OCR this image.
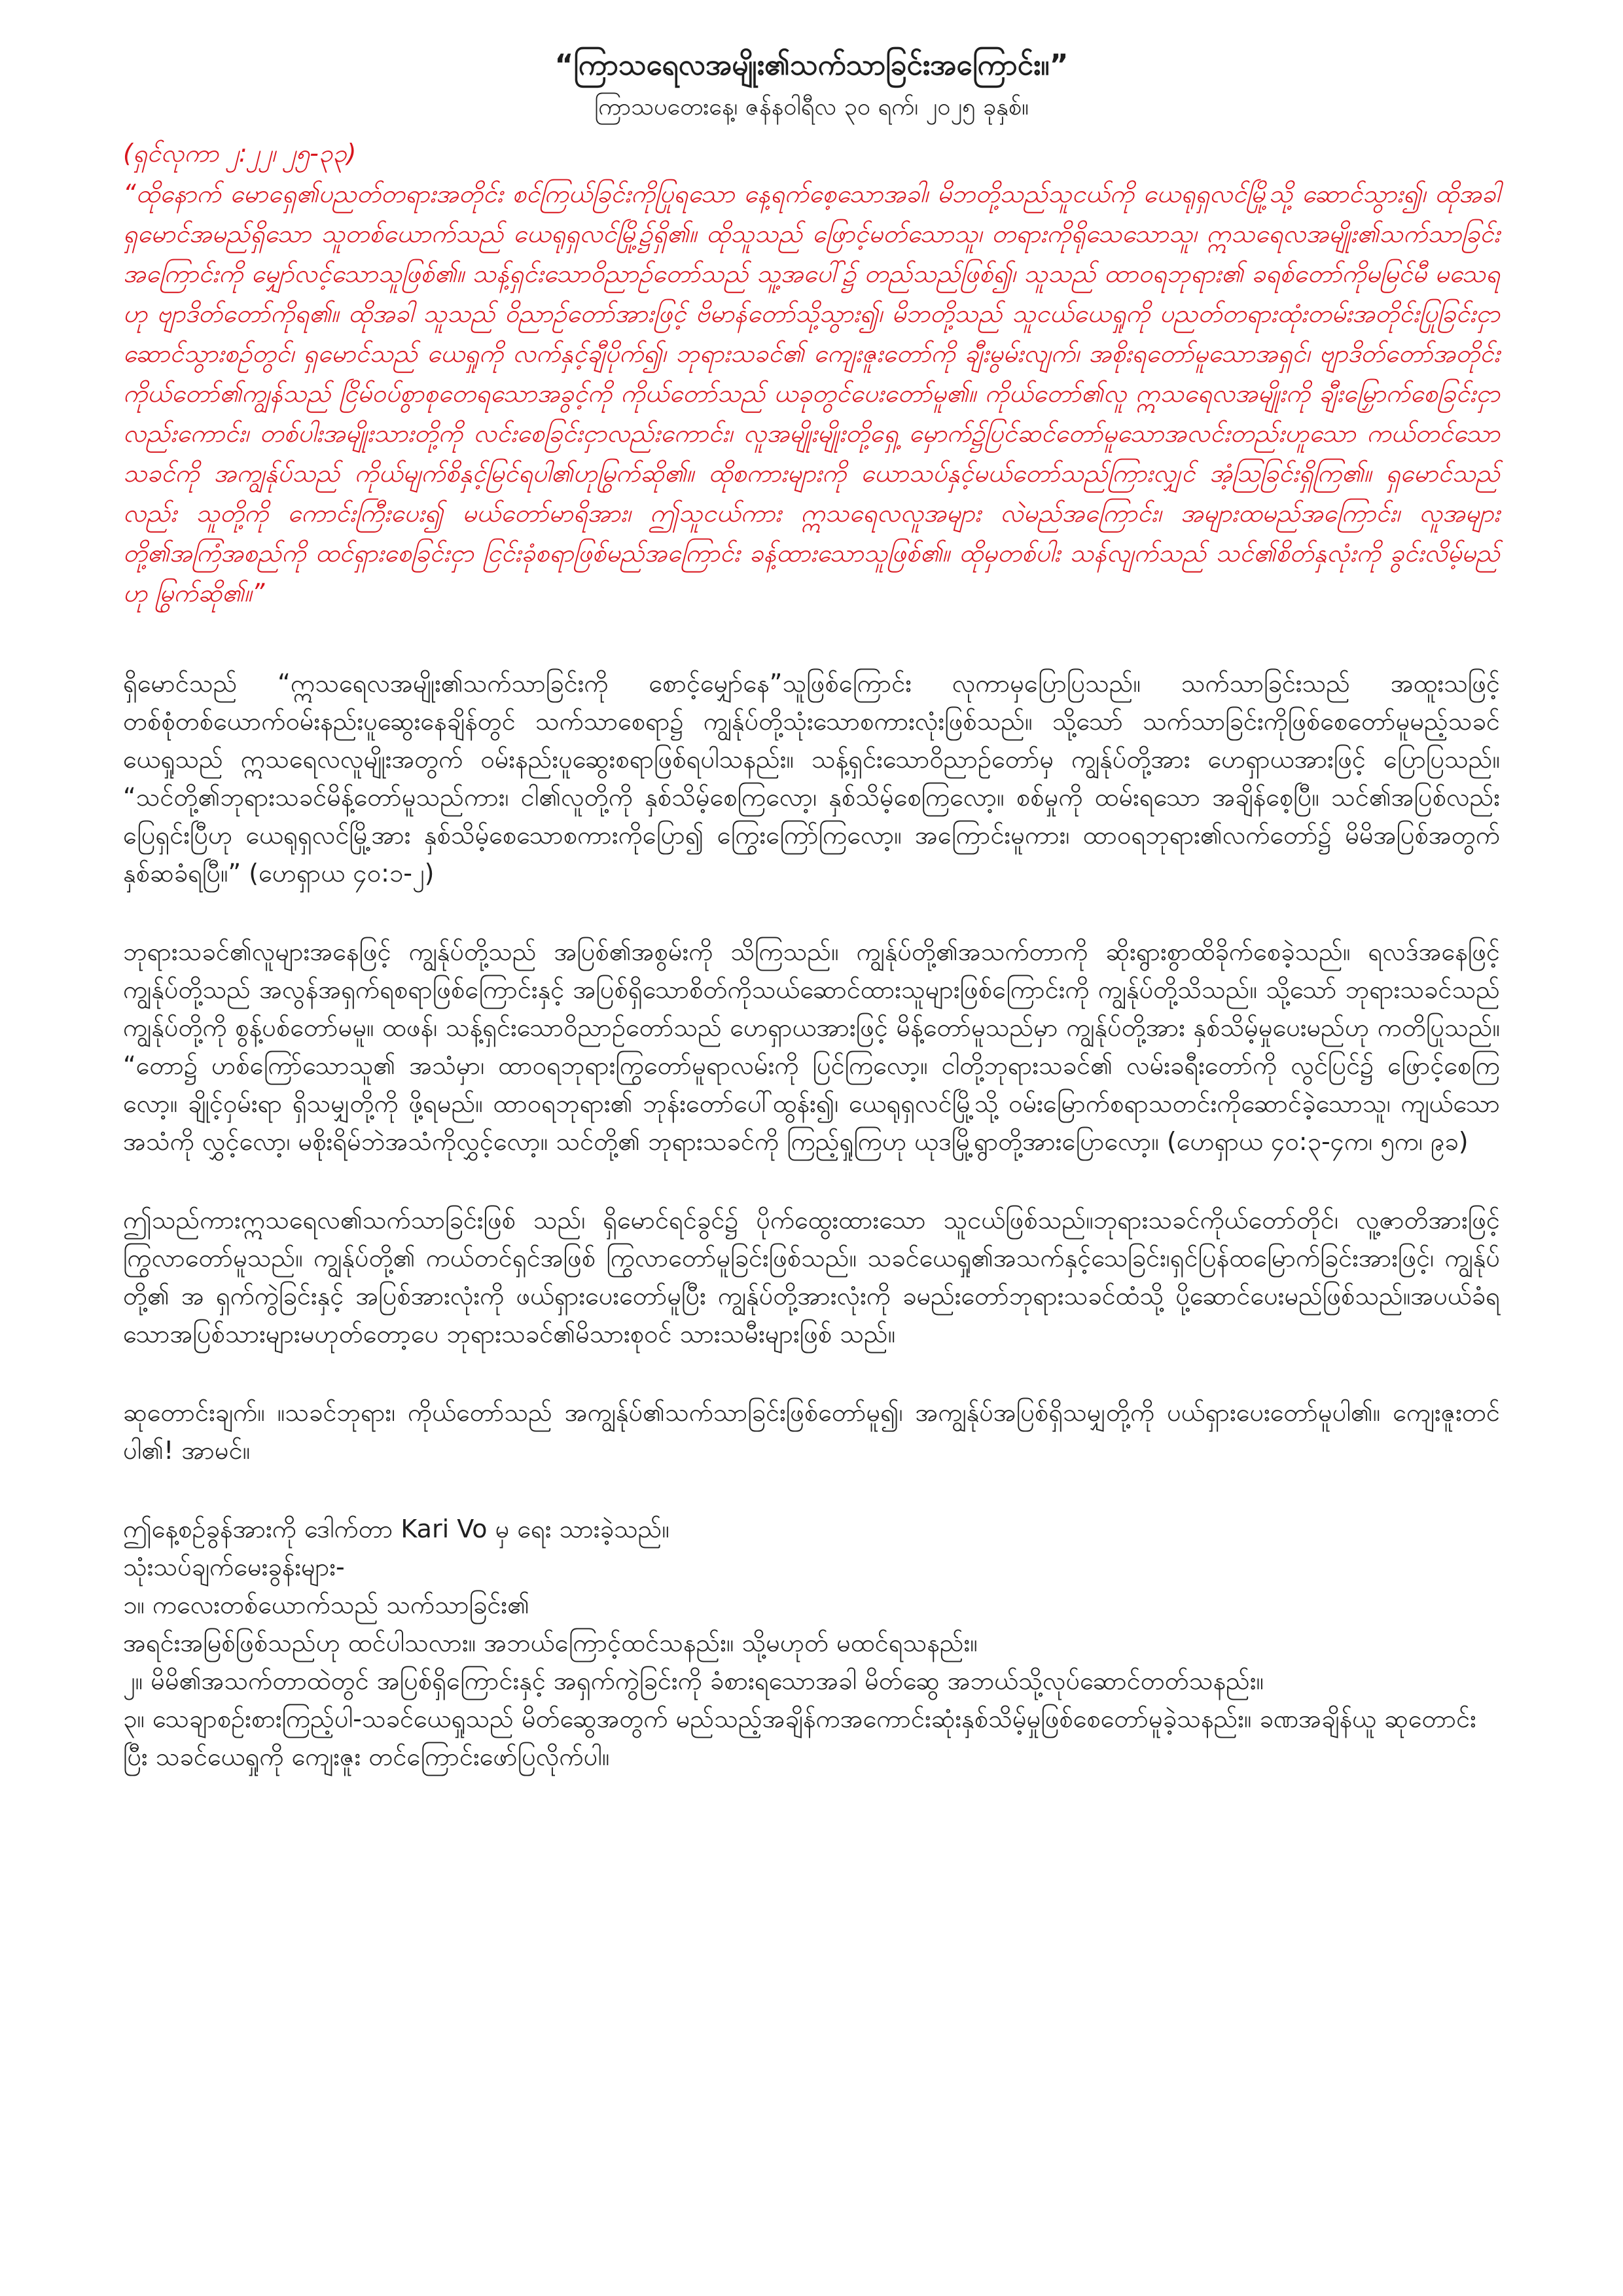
“ကြာသရေလအမျိုး၏သက်သာခြင်းအကြောင်း။”

ကြာသပတေးနေ့၊ ဇန်နဝါရီလ ၃၀ ရက်၊ ၂၀၂၅ ခုနှစ်။

(ရှင်လုကာ ၂:၂၂၊ ၂၅-၃၃)

“ထိုနောက် မောရှေ၏ပညတ်တရားအတိုင်း စင်ကြယ်ခြင်းကိုပြုရသော နေ့ရက်စေ့သောအခါ၊ မိဘတို့သည်သူငယ်ကို ယေရုရှလင်မြို့သို့ ဆောင်သွား၍၊ ထိုအခါ ရှမောင်အမည်ရှိသော သူတစ်ယောက်သည် ယေရုရှလင်မြို့၌ရှိ၏။ ထိုသူသည် ဖြောင့်မတ်သောသူ၊ တရားကိုရိုသေသောသူ၊ ဣသရေလအမျိုး၏သက်သာခြင်းအကြောင်းကို မျှော်လင့်သောသူဖြစ်၏။ သန့်ရှင်းသောဝိညာဉ်တော်သည် သူ့အပေါ်၌ တည်သည်ဖြစ်၍၊ သူသည် ထာဝရဘုရား၏ ခရစ်တော်ကိုမမြင်မီ မသေရဟု ဗျာဒိတ်တော်ကိုရ၏။ ထိုအခါ သူသည် ဝိညာဉ်တော်အားဖြင့် ဗိမာန်တော်သို့သွား၍၊ မိဘတို့သည် သူငယ်ယေရှုကို ပညတ်တရားထုံးတမ်းအတိုင်းပြုခြင်းငှာ ဆောင်သွားစဉ်တွင်၊ ရှမောင်သည် ယေရှုကို လက်နှင့်ချီပိုက်၍၊ ဘုရားသခင်၏ ကျေးဇူးတော်ကို ချီးမွမ်းလျက်၊ အစိုးရတော်မူသောအရှင်၊ ဗျာဒိတ်တော်အတိုင်း ကိုယ်တော်၏ကျွန်သည် ငြိမ်ဝပ်စွာစုတေရသောအခွင့်ကို ကိုယ်တော်သည် ယခုတွင်ပေးတော်မူ၏။ ကိုယ်တော်၏လူ ဣသရေလအမျိုးကို ချီးမြှောက်စေခြင်းငှာလည်းကောင်း၊ တစ်ပါးအမျိုးသားတို့ကို လင်းစေခြင်းငှာလည်းကောင်း၊ လူအမျိုးမျိုးတို့ရှေ့ မှောက်၌ပြင်ဆင်တော်မူသောအလင်းတည်းဟူသော ကယ်တင်သောသခင်ကို အကျွန်ုပ်သည် ကိုယ်မျက်စိနှင့်မြင်ရပါ၏ဟုမြွက်ဆို၏။ ထိုစကားများကို ယောသပ်နှင့်မယ်တော်သည်ကြားလျှင် အံ့သြခြင်းရှိကြ၏။ ရှမောင်သည်လည်း သူတို့ကို ကောင်းကြီးပေး၍ မယ်တော်မာရိအား၊ ဤသူငယ်ကား ဣသရေလလူအများ လဲမည်အကြောင်း၊ အများထမည်အကြောင်း၊ လူအများတို့၏အကြံအစည်ကို ထင်ရှားစေခြင်းငှာ ငြင်းခုံစရာဖြစ်မည်အကြောင်း ခန့်ထားသောသူဖြစ်၏။ ထိုမှတစ်ပါး သန်လျက်သည် သင်၏စိတ်နှလုံးကို ခွင်းလိမ့်မည်ဟု မြွက်ဆို၏။”

ရှိမောင်သည် “ဣသရေလအမျိုး၏သက်သာခြင်းကို စောင့်မျှော်နေ”သူဖြစ်ကြောင်း လုကာမှပြောပြသည်။ သက်သာခြင်းသည် အထူးသဖြင့် တစ်စုံတစ်ယောက်ဝမ်းနည်းပူဆွေးနေချိန်တွင် သက်သာစေရာ၌ ကျွန်ုပ်တို့သုံးသောစကားလုံးဖြစ်သည်။ သို့သော် သက်သာခြင်းကိုဖြစ်စေတော်မူမည့်သခင်ယေရှုသည် ဣသရေလလူမျိုးအတွက် ဝမ်းနည်းပူဆွေးစရာဖြစ်ရပါသနည်း။ သန့်ရှင်းသောဝိညာဉ်တော်မှ ကျွန်ုပ်တို့အား ဟေရှာယအားဖြင့် ပြောပြသည်။ “သင်တို့၏ဘုရားသခင်မိန့်တော်မူသည်ကား၊ ငါ၏လူတို့ကို နှစ်သိမ့်စေကြလော့၊ နှစ်သိမ့်စေကြလော့။ စစ်မှုကို ထမ်းရသော အချိန်စေ့ပြီ။ သင်၏အပြစ်လည်းပြေရှင်းပြီဟု ယေရုရှလင်မြို့အား နှစ်သိမ့်စေသောစကားကိုပြော၍ ကြွေးကြော်ကြလော့။ အကြောင်းမူကား၊ ထာဝရဘုရား၏လက်တော်၌ မိမိအပြစ်အတွက် နှစ်ဆခံရပြီ။” (ဟေရှာယ ၄၀:၁-၂)

ဘုရားသခင်၏လူများအနေဖြင့် ကျွန်ုပ်တို့သည် အပြစ်၏အစွမ်းကို သိကြသည်။ ကျွန်ုပ်တို့၏အသက်တာကို ဆိုးရွားစွာထိခိုက်စေခဲ့သည်။ ရလဒ်အနေဖြင့် ကျွန်ုပ်တို့သည် အလွန်အရှက်ရစရာဖြစ်ကြောင်းနှင့် အပြစ်ရှိသောစိတ်ကိုသယ်ဆောင်ထားသူများဖြစ်ကြောင်းကို ကျွန်ုပ်တို့သိသည်။ သို့သော် ဘုရားသခင်သည် ကျွန်ုပ်တို့ကို စွန့်ပစ်တော်မမူ။ ထဖန်၊ သန့်ရှင်းသောဝိညာဉ်တော်သည် ဟေရှာယအားဖြင့် မိန့်တော်မူသည်မှာ ကျွန်ုပ်တို့အား နှစ်သိမ့်မှုပေးမည်ဟု ကတိပြုသည်။ “တော၌ ဟစ်ကြော်သောသူ၏ အသံမှာ၊ ထာဝရဘုရားကြွတော်မူရာလမ်းကို ပြင်ကြလော့။ ငါတို့ဘုရားသခင်၏ လမ်းခရီးတော်ကို လွင်ပြင်၌ ဖြောင့်စေကြလော့။ ချိုင့်ဝှမ်းရာ ရှိသမျှတို့ကို ဖို့ရမည်။ ထာဝရဘုရား၏ ဘုန်းတော်ပေါ်ထွန်း၍၊ ယေရုရှလင်မြို့သို့ ဝမ်းမြောက်စရာသတင်းကိုဆောင်ခဲ့သောသူ၊ ကျယ်သောအသံကို လွှင့်လော့၊ မစိုးရိမ်ဘဲအသံကိုလွှင့်လော့။ သင်တို့၏ ဘုရားသခင်ကို ကြည့်ရှုကြဟု ယုဒမြို့ရွာတို့အားပြောလော့။ (ဟေရှာယ ၄၀:၃-၄က၊ ၅က၊ ၉ခ)

ဤသည်ကားဣသရေလ၏သက်သာခြင်းဖြစ် သည်၊ ရှိမောင်ရင်ခွင်၌ ပိုက်ထွေးထားသော သူငယ်ဖြစ်သည်။ဘုရားသခင်ကိုယ်တော်တိုင်၊ လူ့ဇာတိအားဖြင့် ကြွလာတော်မူသည်။ ကျွန်ုပ်တို့၏ ကယ်တင်ရှင်အဖြစ် ကြွလာတော်မူခြင်းဖြစ်သည်။ သခင်ယေရှု၏အသက်နှင့်သေခြင်း၊ရှင်ပြန်ထမြောက်ခြင်းအားဖြင့်၊ ကျွန်ုပ်တို့၏ အ ရှက်ကွဲခြင်းနှင့် အပြစ်အားလုံးကို ဖယ်ရှားပေးတော်မူပြီး ကျွန်ုပ်တို့အားလုံးကို ခမည်းတော်ဘုရားသခင်ထံသို့ ပို့ဆောင်ပေးမည်ဖြစ်သည်။အပယ်ခံရသောအပြစ်သားများမဟုတ်တော့ပေ ဘုရားသခင်၏မိသားစုဝင် သားသမီးများဖြစ် သည်။

ဆုတောင်းချက်။ ။သခင်ဘုရား၊ ကိုယ်တော်သည် အကျွန်ုပ်၏သက်သာခြင်းဖြစ်တော်မူ၍၊ အကျွန်ုပ်အပြစ်ရှိသမျှတို့ကို ပယ်ရှားပေးတော်မူပါ၏။ ကျေးဇူးတင်ပါ၏! အာမင်။

ဤနေ့စဉ်ခွန်အားကို ဒေါက်တာ Kari Vo မှ ရေး သားခဲ့သည်။

သုံးသပ်ချက်မေးခွန်းများ-

၁။ ကလေးတစ်ယောက်သည် သက်သာခြင်း၏

အရင်းအမြစ်ဖြစ်သည်ဟု ထင်ပါသလား။ အဘယ်ကြောင့်ထင်သနည်း။ သို့မဟုတ် မထင်ရသနည်း။

၂။ မိမိ၏အသက်တာထဲတွင် အပြစ်ရှိကြောင်းနှင့် အရှက်ကွဲခြင်းကို ခံစားရသောအခါ မိတ်ဆွေ အဘယ်သို့လုပ်ဆောင်တတ်သနည်း။

၃။ သေချာစဉ်းစားကြည့်ပါ-သခင်ယေရှုသည် မိတ်ဆွေအတွက် မည်သည့်အချိန်ကအကောင်းဆုံးနှစ်သိမ့်မှုဖြစ်စေတော်မူခဲ့သနည်း။ ခဏအချိန်ယူ ဆုတောင်းပြီး သခင်ယေရှုကို ကျေးဇူး တင်ကြောင်းဖော်ပြလိုက်ပါ။
